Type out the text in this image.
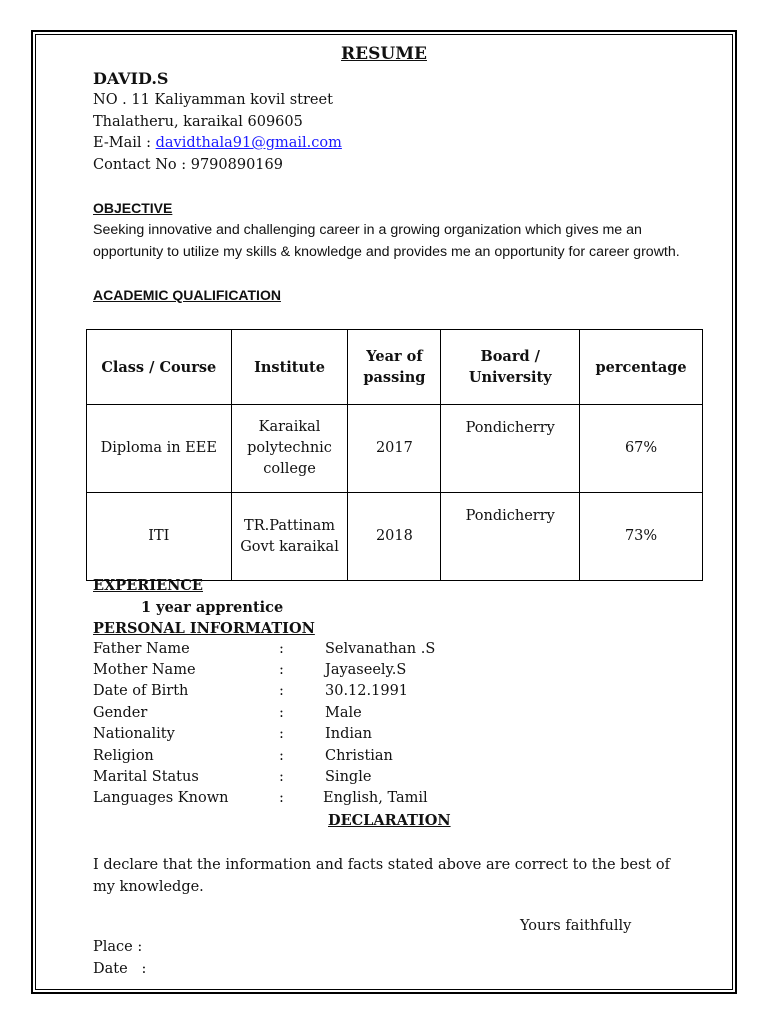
RESUME
DAVID.S
NO . 11 Kaliyamman kovil street
Thalatheru, karaikal 609605
E-Mail : davidthala91@gmail.com
Contact No : 9790890169
OBJECTIVE
Seeking innovative and challenging career in a growing organization which gives me an opportunity to utilize my skills & knowledge and provides me an opportunity for career growth.
ACADEMIC QUALIFICATION
Class / Course	Institute	Year of passing	Board / University	percentage
Diploma in EEE	Karaikal polytechnic college	2017	Pondicherry	67%
ITI	TR.Pattinam Govt karaikal	2018	Pondicherry	73%
EXPERIENCE
1 year apprentice
PERSONAL INFORMATION
Father Name	:	Selvanathan .S
Mother Name	:	Jayaseely.S
Date of Birth	:	30.12.1991
Gender	:	Male
Nationality	:	Indian
Religion	:	Christian
Marital Status	:	Single
Languages Known	:	English, Tamil
DECLARATION
I declare that the information and facts stated above are correct to the best of my knowledge.
Yours faithfully
Place :
Date   :
